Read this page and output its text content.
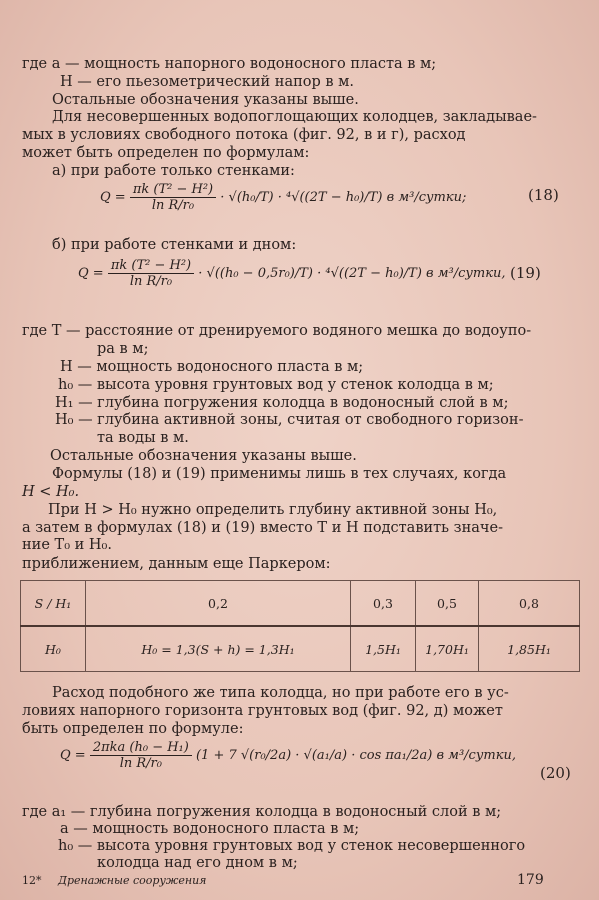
где a — мощность напорного водоносного пласта в м;
H — его пьезометрический напор в м.
Остальные обозначения указаны выше.
Для несовершенных водопоглощающих колодцев, закладывае-
мых в условиях свободного потока (фиг. 92, в и г), расход
может быть определен по формулам:
а) при работе только стенками:
$Q = \frac{\text{πk (T² − H²)}}{\text{ln R/r₀}} \cdot √(h_0/T) \cdot ^4√((2T - h_0)/T)$ в м³/сутки;	(18)
б) при работе стенками и дном:
$Q = \frac{\text{πk (T² − H²)}}{\text{ln R/r₀}} \cdot √((h_0 - 0,5r_0)/T) \cdot ^4√((2T - h_0)/T)$ в м³/сутки, (19)
где T — расстояние от дренируемого водяного мешка до водоупо-
ра в м;
H — мощность водоносного пласта в м;
h₀ — высота уровня грунтовых вод у стенок колодца в м;
H₁ — глубина погружения колодца в водоносный слой в м;
H₀ — глубина активной зоны, считая от свободного горизон-
та воды в м.
Остальные обозначения указаны выше.
Формулы (18) и (19) применимы лишь в тех случаях, когда
H < H₀.
При H > H₀ нужно определить глубину активной зоны H₀,
а затем в формулах (18) и (19) вместо T и H подставить значе-
ние T₀ и H₀.
приближением, данным еще Паркером:
S / H₁	0,2	0,3	0,5	0,8
H₀	H₀ = 1,3(S + h) = 1,3H₁	1,5H₁	1,70H₁	1,85H₁
Расход подобного же типа колодца, но при работе его в ус-
ловиях напорного горизонта грунтовых вод (фиг. 92, д) может
быть определен по формуле:
$Q = \frac{\text{2πka (h₀ − H₁)}}{\text{ln R/r₀}} (1 + 7$ √(r₀/2a) · √(a₁/a) · cos πa₁/2a) в м³/сутки,
(20)
где a₁ — глубина погружения колодца в водоносный слой в м;
a — мощность водоносного пласта в м;
h₀ — высота уровня грунтовых вод у стенок несовершенного
колодца над его дном в м;
12* Дренажные сооружения	179
